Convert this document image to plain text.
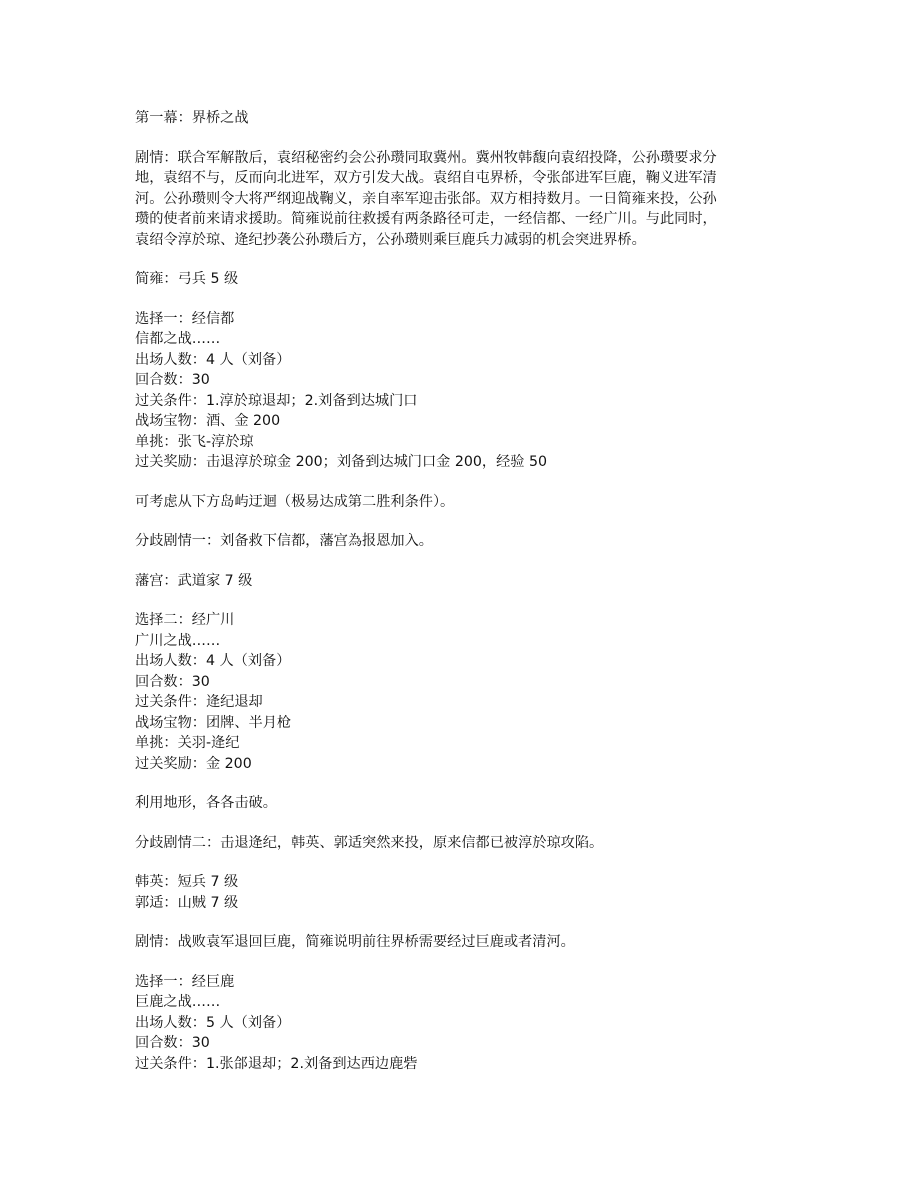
第一幕：界桥之战
剧情：联合军解散后，袁绍秘密约会公孙瓒同取冀州。冀州牧韩馥向袁绍投降，公孙瓒要求分
地，袁绍不与，反而向北进军，双方引发大战。袁绍自屯界桥，令张郃进军巨鹿，鞠义进军清
河。公孙瓒则令大将严纲迎战鞠义，亲自率军迎击张郃。双方相持数月。一日简雍来投，公孙
瓒的使者前来请求援助。简雍说前往救援有两条路径可走，一经信都、一经广川。与此同时，
袁绍令淳於琼、逄纪抄袭公孙瓒后方，公孙瓒则乘巨鹿兵力减弱的机会突进界桥。
简雍：弓兵 5 级
选择一：经信都
信都之战……
出场人数：4 人（刘备）
回合数：30
过关条件：1.淳於琼退却；2.刘备到达城门口
战场宝物：酒、金 200
单挑：张飞-淳於琼
过关奖励：击退淳於琼金 200；刘备到达城门口金 200，经验 50
可考虑从下方岛屿迂迴（极易达成第二胜利条件）。
分歧剧情一：刘备救下信都，藩宫為报恩加入。
藩宫：武道家 7 级
选择二：经广川
广川之战……
出场人数：4 人（刘备）
回合数：30
过关条件：逄纪退却
战场宝物：团牌、半月枪
单挑：关羽-逄纪
过关奖励：金 200
利用地形，各各击破。
分歧剧情二：击退逄纪，韩英、郭适突然来投，原来信都已被淳於琼攻陷。
韩英：短兵 7 级
郭适：山贼 7 级
剧情：战败袁军退回巨鹿，简雍说明前往界桥需要经过巨鹿或者清河。
选择一：经巨鹿
巨鹿之战……
出场人数：5 人（刘备）
回合数：30
过关条件：1.张郃退却；2.刘备到达西边鹿砦
